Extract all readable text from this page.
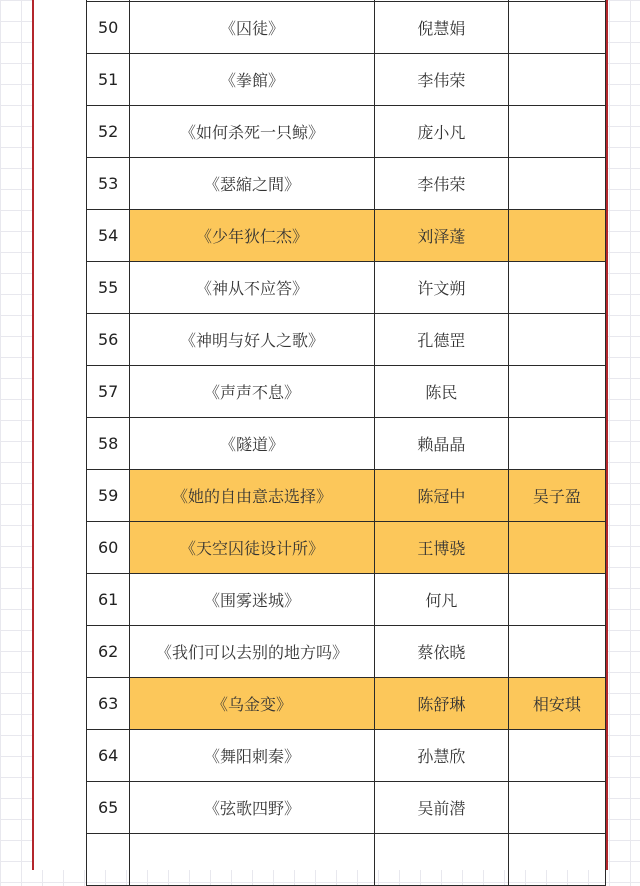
50	《囚徒》	倪慧娟	
51	《拳館》	李伟荣	
52	《如何杀死一只鲸》	庞小凡	
53	《瑟縮之間》	李伟荣	
54	《少年狄仁杰》	刘泽蓬	
55	《神从不应答》	许文朔	
56	《神明与好人之歌》	孔德罡	
57	《声声不息》	陈民	
58	《隧道》	赖晶晶	
59	《她的自由意志选择》	陈冠中	吴子盈
60	《天空囚徒设计所》	王博骁	
61	《围雾迷城》	何凡	
62	《我们可以去别的地方吗》	蔡依晓	
63	《乌金变》	陈舒琳	相安琪
64	《舞阳刺秦》	孙慧欣	
65	《弦歌四野》	吴前潜	
